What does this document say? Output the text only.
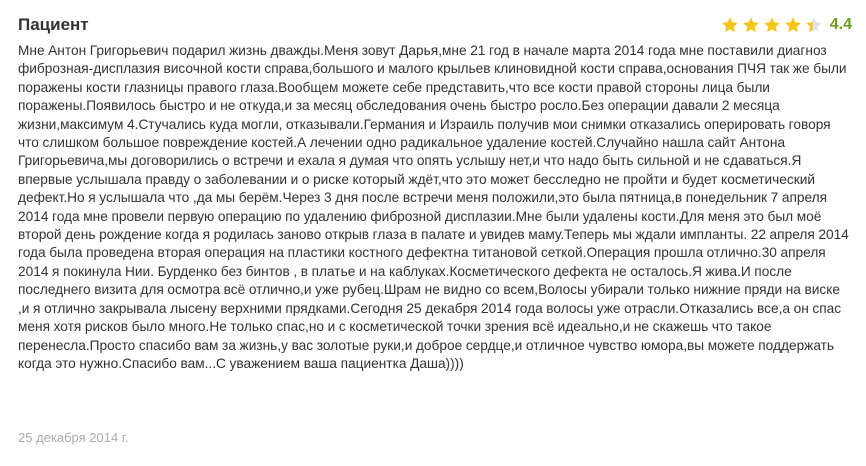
Пациент	4.4
Мне Антон Григорьевич подарил жизнь дважды.Меня зовут Дарья,мне 21 год в начале марта 2014 года мне поставили диагноз фиброзная-дисплазия височной кости справа,большого и малого крыльев клиновидной кости справа,основания ПЧЯ так же были поражены кости глазницы правого глаза.Вообщем можете себе представить,что все кости правой стороны лица были поражены.Появилось быстро и не откуда,и за месяц обследования очень быстро росло.Без операции давали 2 месяца жизни,максимум 4.Стучались куда могли, отказывали.Германия и Израиль получив мои снимки отказались оперировать говоря что слишком большое повреждение костей.А лечении одно радикальное удаление костей.Случайно нашла сайт Антона Григорьевича,мы договорились о встречи и ехала я думая что опять услышу нет,и что надо быть сильной и не сдаваться.Я впервые услышала правду о заболевании и о риске который ждёт,что это может бесследно не пройти и будет косметический дефект.Но я услышала что ,да мы берём.Через 3 дня после встречи меня положили,это была пятница,в понедельник 7 апреля 2014 года мне провели первую операцию по удалению фиброзной дисплазии.Мне были удалены кости.Для меня это был моё второй день рождение когда я родилась заново открыв глаза в палате и увидев маму.Теперь мы ждали импланты. 22 апреля 2014 года была проведена вторая операция на пластики костного дефектна титановой сеткой.Операция прошла отлично.30 апреля 2014 я покинула Нии. Бурденко без бинтов , в платье и на каблуках.Косметического дефекта не осталось.Я жива.И после последнего визита для осмотра всё отлично,и уже рубец.Шрам не видно со всем,Волосы убирали только нижние пряди на виске ,и я отлично закрывала лысену верхними прядками.Сегодня 25 декабря 2014 года волосы уже отрасли.Отказались все,а он спас меня хотя рисков было много.Не только спас,но и с косметической точки зрения всё идеально,и не скажешь что такое перенесла.Просто спасибо вам за жизнь,у вас золотые руки,и доброе сердце,и отличное чувство юмора,вы можете поддержать когда это нужно.Спасибо вам...С уважением ваша пациентка Даша))))
25 декабря 2014 г.
